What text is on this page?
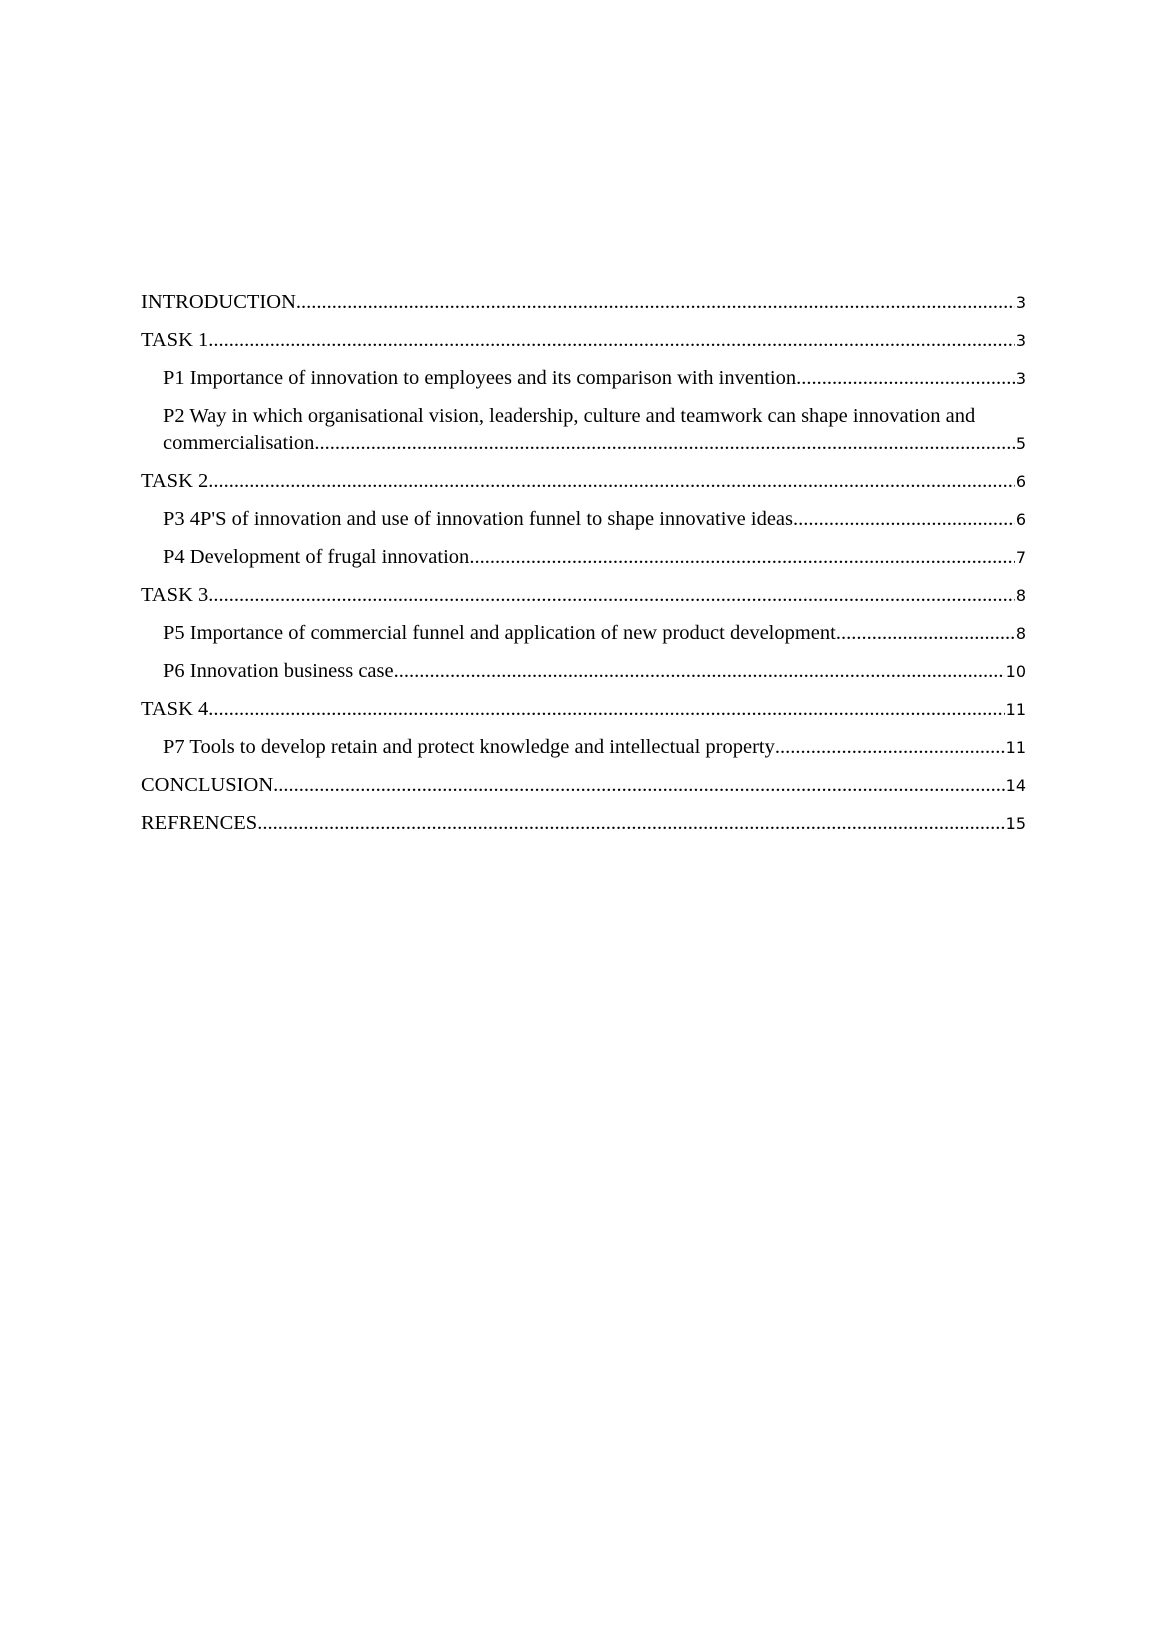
INTRODUCTION .....	3
TASK 1 .....	3
P1 Importance of innovation to employees and its comparison with invention .....	3
P2 Way in which organisational vision, leadership, culture and teamwork can shape innovation and
commercialisation .....	5
TASK 2 .....	6
P3 4P'S of innovation and use of innovation funnel to shape innovative ideas .....	6
P4 Development of frugal innovation .....	7
TASK 3 .....	8
P5 Importance of commercial funnel and application of new product development .....	8
P6 Innovation business case .....	10
TASK 4 .....	11
P7 Tools to develop retain and protect knowledge and intellectual property .....	11
CONCLUSION .....	14
REFRENCES .....	15
